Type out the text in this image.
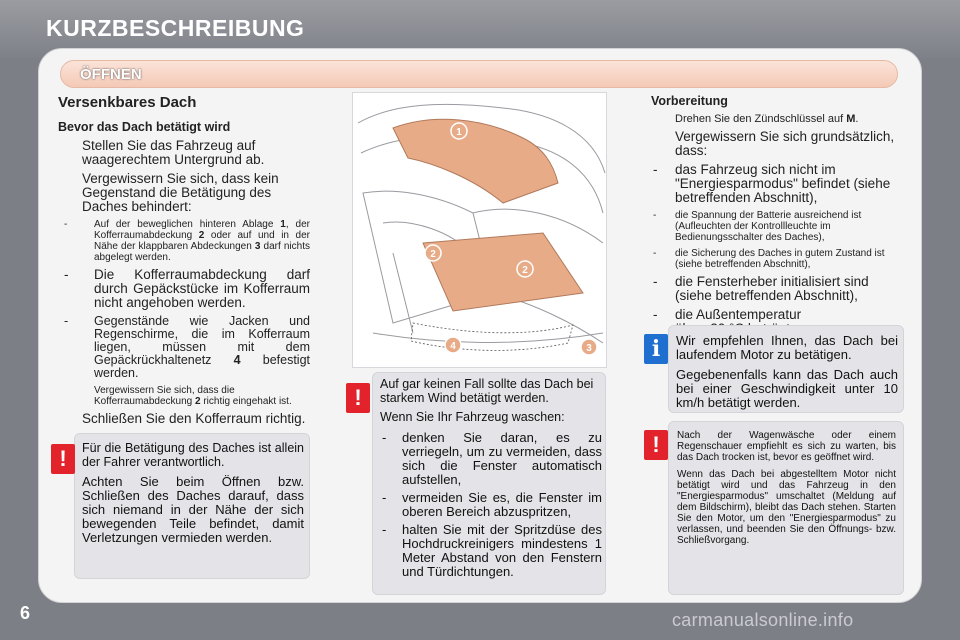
KURZBESCHREIBUNG
ÖFFNEN
Versenkbares Dach
Bevor das Dach betätigt wird
Stellen Sie das Fahrzeug auf waagerechtem Untergrund ab.
Vergewissern Sie sich, dass kein Gegenstand die Betätigung des Daches behindert:
-	Auf der beweglichen hinteren Ablage 1, der Kofferraumabdeckung 2 oder auf und in der Nähe der klappbaren Abdeckungen 3 darf nichts abgelegt werden.
-	Die Kofferraumabdeckung darf durch Gepäckstücke im Kofferraum nicht angehoben werden.
-	Gegenstände wie Jacken und Regenschirme, die im Kofferraum liegen, müssen mit dem Gepäckrückhaltenetz 4 befestigt werden.
Vergewissern Sie sich, dass die Kofferraumabdeckung 2 richtig eingehakt ist.
Schließen Sie den Kofferraum richtig.
!	Für die Betätigung des Daches ist allein der Fahrer verantwortlich.

Achten Sie beim Öffnen bzw. Schließen des Daches darauf, dass sich niemand in der Nähe der sich bewegenden Teile befindet, damit Verletzungen vermieden werden.

1
2
2
3
4
!

Auf gar keinen Fall sollte das Dach bei starkem Wind betätigt werden.

Wenn Sie Ihr Fahrzeug waschen:

- denken Sie daran, es zu verriegeln, um zu vermeiden, dass sich die Fenster automatisch aufstellen,
- vermeiden Sie es, die Fenster im oberen Bereich abzuspritzen,
- halten Sie mit der Spritzdüse des Hochdruckreinigers mindestens 1 Meter Abstand von den Fenstern und Türdichtungen.
Vorbereitung
Drehen Sie den Zündschlüssel auf M.
Vergewissern Sie sich grundsätzlich, dass:
-	das Fahrzeug sich nicht im "Energiesparmodus" befindet (siehe betreffenden Abschnitt),
-	die Spannung der Batterie ausreichend ist (Aufleuchten der Kontrollleuchte im Bedienungsschalter des Daches),
-	die Sicherung des Daches in gutem Zustand ist (siehe betreffenden Abschnitt),
-	die Fensterheber initialisiert sind (siehe betreffenden Abschnitt),
-	die Außentemperatur
i	Wir empfehlen Ihnen, das Dach bei laufendem Motor zu betätigen.

Gegebenenfalls kann das Dach auch bei einer Geschwindigkeit unter 10 km/h betätigt werden.

!	Nach der Wagenwäsche oder einem Regenschauer empfiehlt es sich zu warten, bis das Dach trocken ist, bevor es geöffnet wird.

Wenn das Dach bei abgestelltem Motor nicht betätigt wird und das Fahrzeug in den "Energiesparmodus" umschaltet (Meldung auf dem Bildschirm), bleibt das Dach stehen. Starten Sie den Motor, um den "Energiesparmodus" zu verlassen, und beenden Sie den Öffnungs- bzw. Schließvorgang.

6	carmanualsonline.info
